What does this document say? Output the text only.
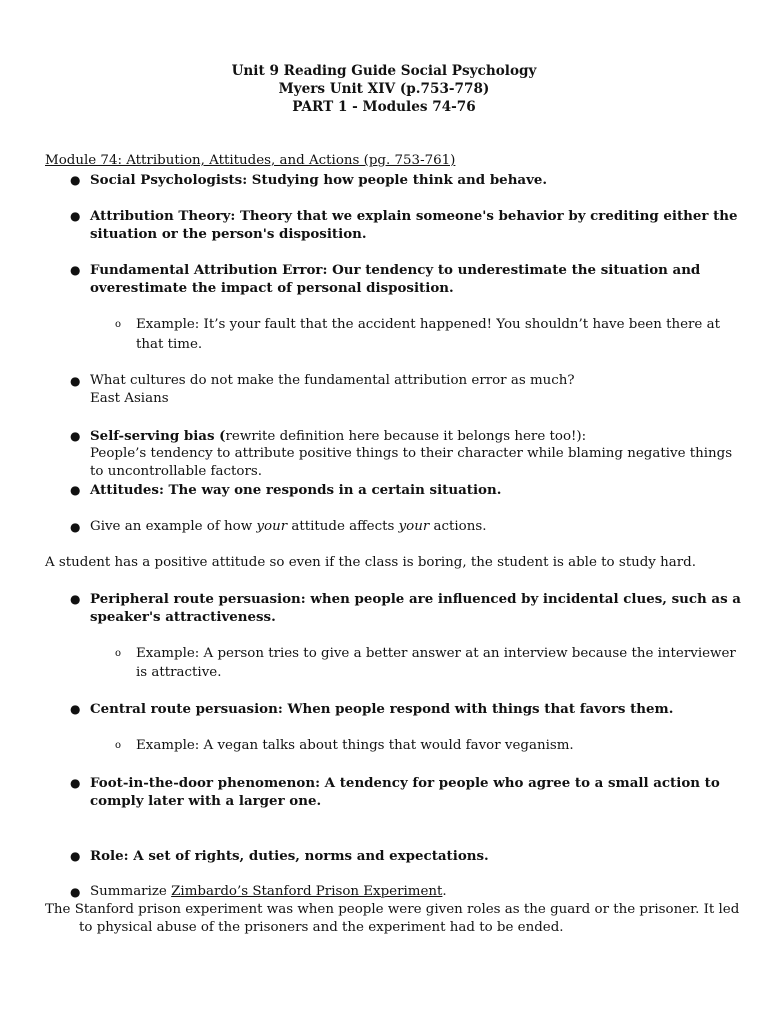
Unit 9 Reading Guide Social Psychology
Myers Unit XIV (p.753-778)
PART 1 - Modules 74-76
Module 74: Attribution, Attitudes, and Actions (pg. 753-761)
● Social Psychologists: Studying how people think and behave.
● Attribution Theory: Theory that we explain someone's behavior by crediting either the
situation or the person's disposition.
● Fundamental Attribution Error: Our tendency to underestimate the situation and
overestimate the impact of personal disposition.
o Example: It’s your fault that the accident happened! You shouldn’t have been there at
that time.
● What cultures do not make the fundamental attribution error as much?
East Asians
● Self-serving bias (rewrite definition here because it belongs here too!):
People’s tendency to attribute positive things to their character while blaming negative things
to uncontrollable factors.
● Attitudes: The way one responds in a certain situation.
● Give an example of how your attitude affects your actions.
A student has a positive attitude so even if the class is boring, the student is able to study hard.
● Peripheral route persuasion: when people are influenced by incidental clues, such as a
speaker's attractiveness.
o Example: A person tries to give a better answer at an interview because the interviewer
is attractive.
● Central route persuasion: When people respond with things that favors them.
o Example: A vegan talks about things that would favor veganism.
● Foot-in-the-door phenomenon: A tendency for people who agree to a small action to
comply later with a larger one.
● Role: A set of rights, duties, norms and expectations.
● Summarize Zimbardo’s Stanford Prison Experiment.
The Stanford prison experiment was when people were given roles as the guard or the prisoner. It led
to physical abuse of the prisoners and the experiment had to be ended.
